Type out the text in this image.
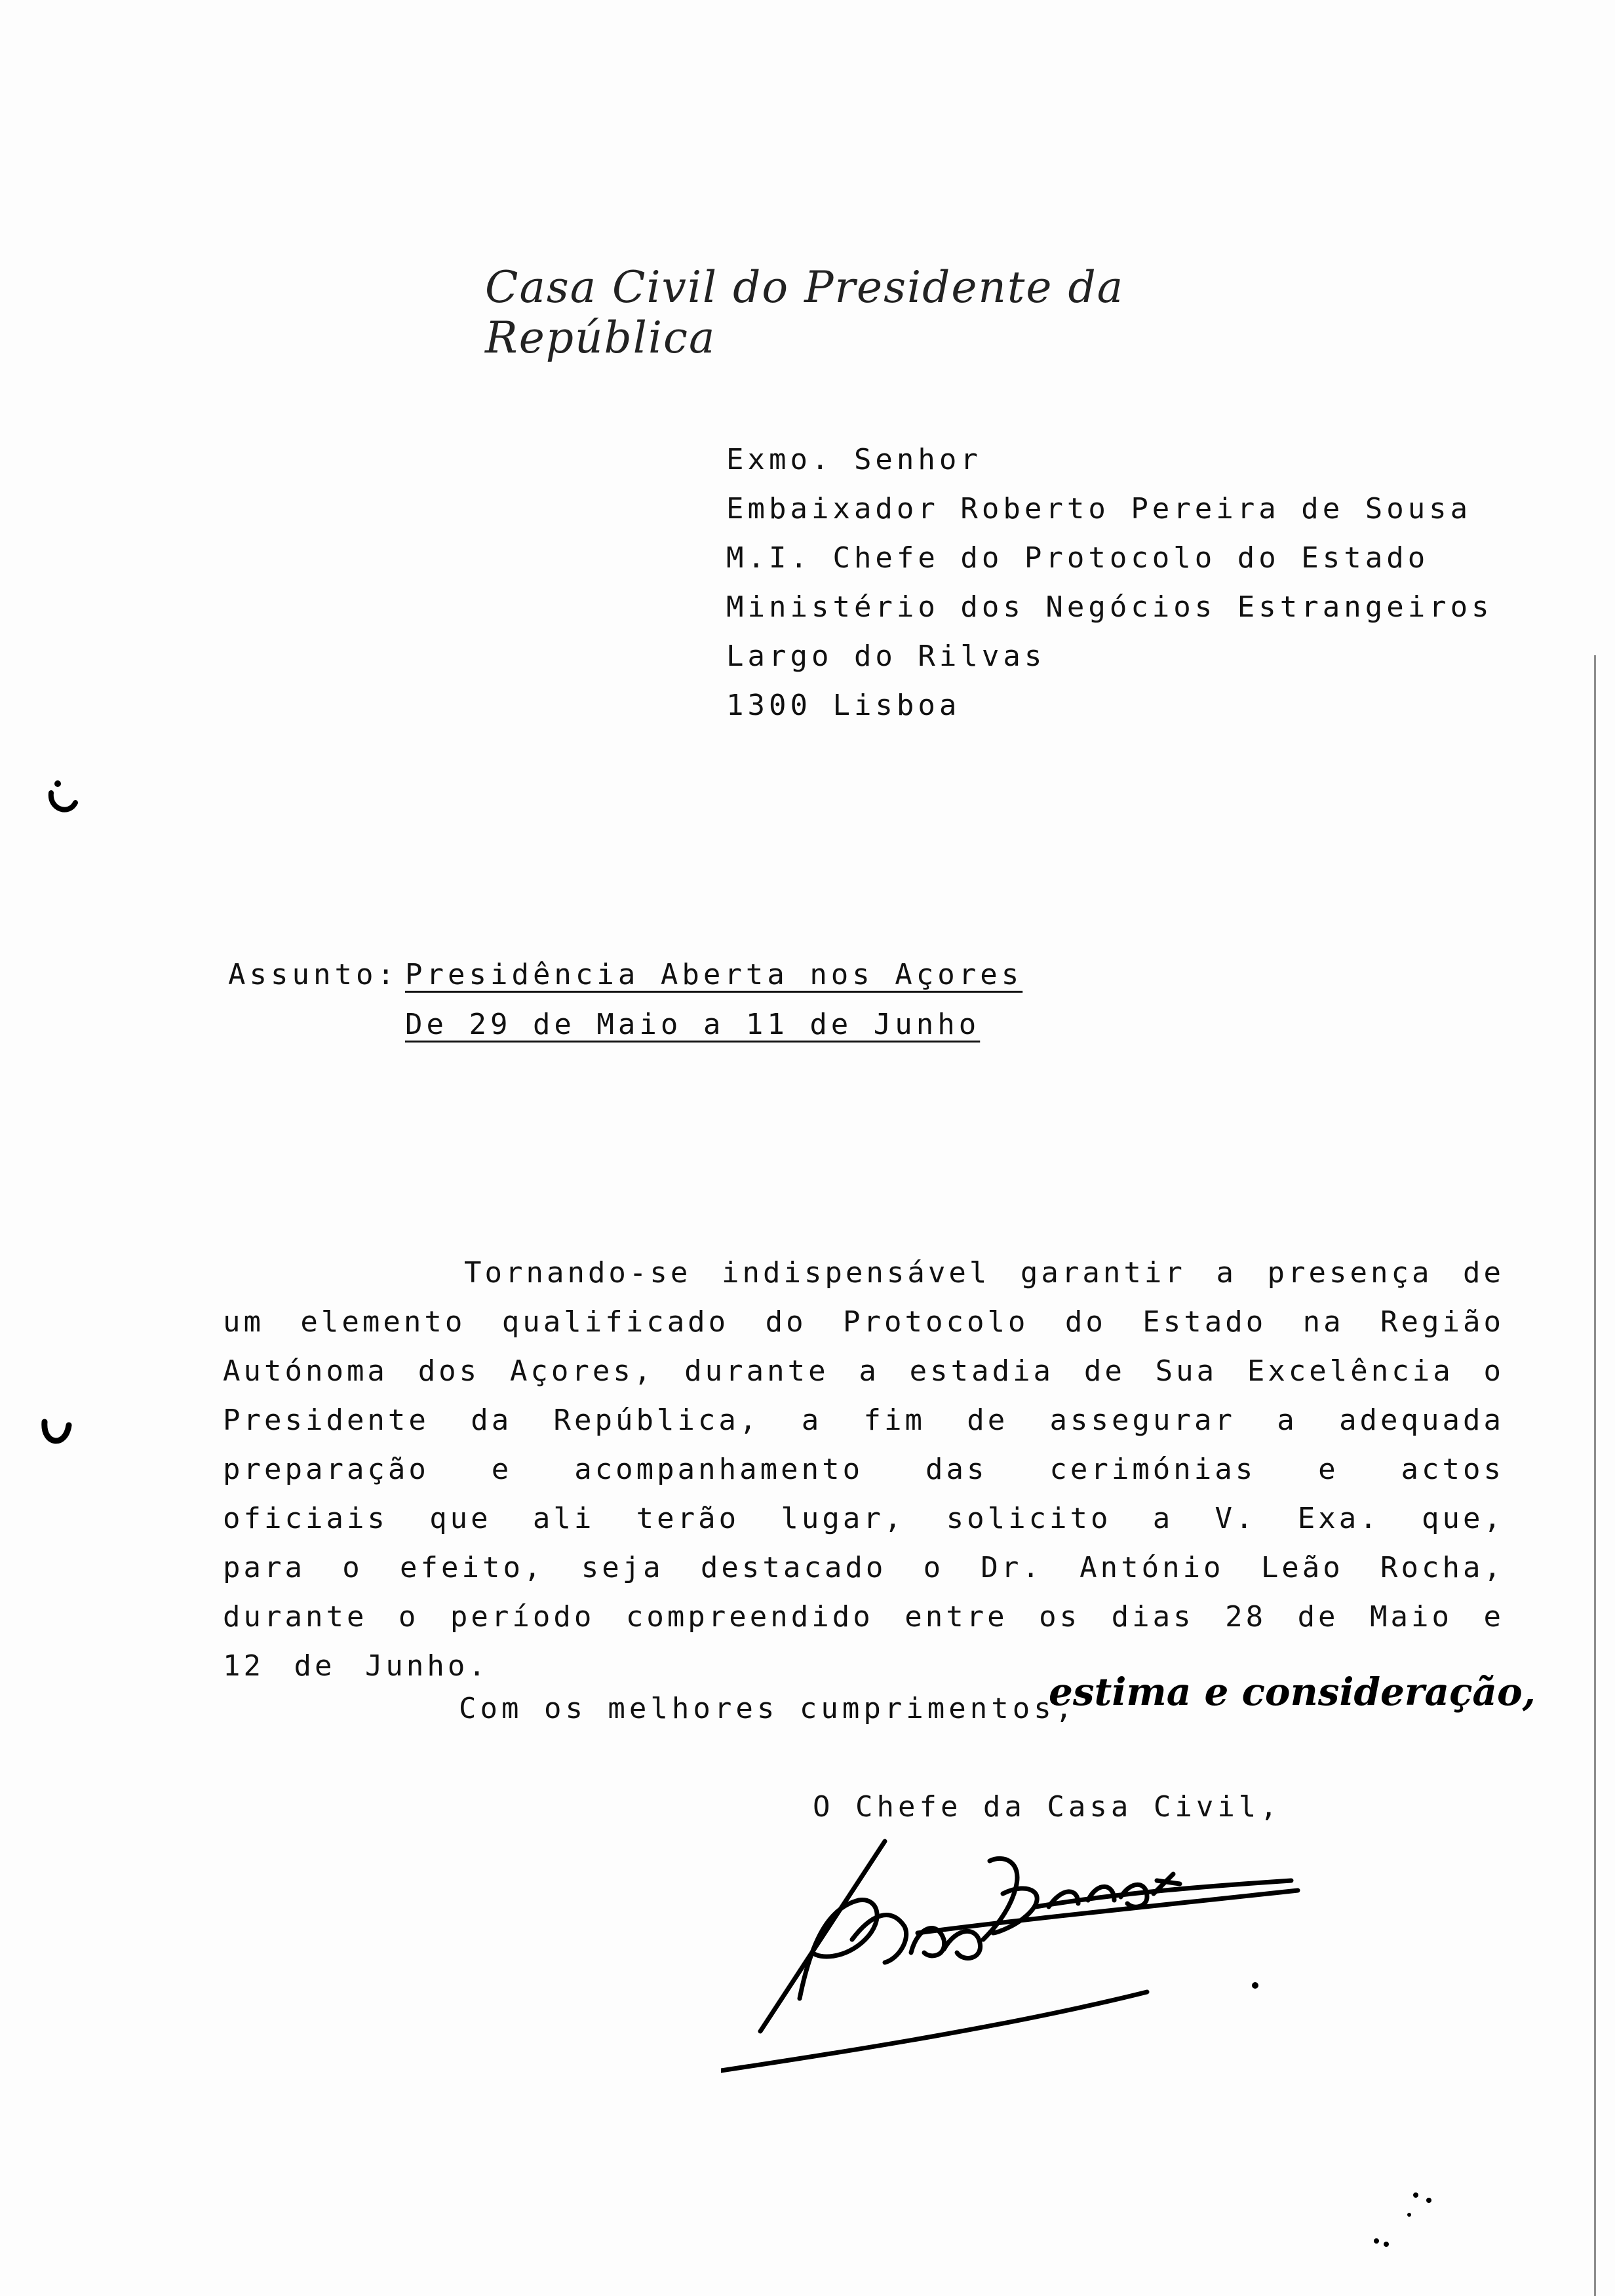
Casa Civil do Presidente da República
Exmo. Senhor
Embaixador Roberto Pereira de Sousa
M.I. Chefe do Protocolo do Estado
Ministério dos Negócios Estrangeiros
Largo do Rilvas
1300 Lisboa
Assunto: Presidência Aberta nos Açores
De 29 de Maio a 11 de Junho
Tornando-se indispensável garantir a presença de um elemento qualificado do Protocolo do Estado na Região Autónoma dos Açores, durante a estadia de Sua Excelência o Presidente da República, a fim de assegurar a adequada preparação e acompanhamento das cerimónias e actos oficiais que ali terão lugar, solicito a V. Exa. que, para o efeito, seja destacado o Dr. António Leão Rocha, durante o período compreendido entre os dias 28 de Maio e 12 de Junho.
Com os melhores cumprimentos,
estima e consideração,
O Chefe da Casa Civil,
